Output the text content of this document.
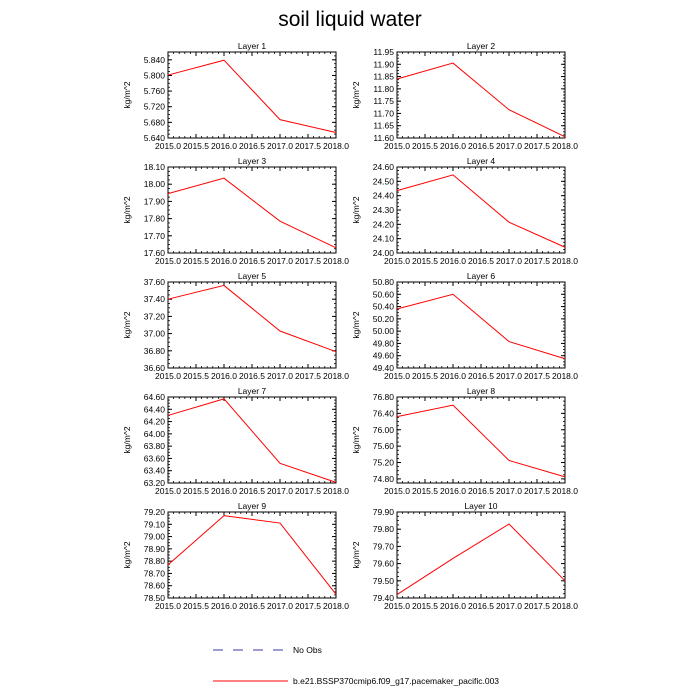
soil liquid water
Layer 1
kg/m^2
2015.0 2015.5 2016.0 2016.5 2017.0 2017.5 2018.0
5.640
5.680
5.720
5.760
5.800
5.840
Layer 2
kg/m^2
2015.0 2015.5 2016.0 2016.5 2017.0 2017.5 2018.0
11.60
11.65
11.70
11.75
11.80
11.85
11.90
11.95
Layer 3
kg/m^2
2015.0 2015.5 2016.0 2016.5 2017.0 2017.5 2018.0
17.60
17.70
17.80
17.90
18.00
18.10
Layer 4
kg/m^2
2015.0 2015.5 2016.0 2016.5 2017.0 2017.5 2018.0
24.00
24.10
24.20
24.30
24.40
24.50
24.60
Layer 5
kg/m^2
2015.0 2015.5 2016.0 2016.5 2017.0 2017.5 2018.0
36.60
36.80
37.00
37.20
37.40
37.60
Layer 6
kg/m^2
2015.0 2015.5 2016.0 2016.5 2017.0 2017.5 2018.0
49.40
49.60
49.80
50.00
50.20
50.40
50.60
50.80
Layer 7
kg/m^2
2015.0 2015.5 2016.0 2016.5 2017.0 2017.5 2018.0
63.20
63.40
63.60
63.80
64.00
64.20
64.40
64.60
Layer 8
kg/m^2
2015.0 2015.5 2016.0 2016.5 2017.0 2017.5 2018.0
74.80
75.20
75.60
76.00
76.40
76.80
Layer 9
kg/m^2
2015.0 2015.5 2016.0 2016.5 2017.0 2017.5 2018.0
78.50
78.60
78.70
78.80
78.90
79.00
79.10
79.20
Layer 10
kg/m^2
2015.0 2015.5 2016.0 2016.5 2017.0 2017.5 2018.0
79.40
79.50
79.60
79.70
79.80
79.90
No Obs
b.e21.BSSP370cmip6.f09_g17.pacemaker_pacific.003
